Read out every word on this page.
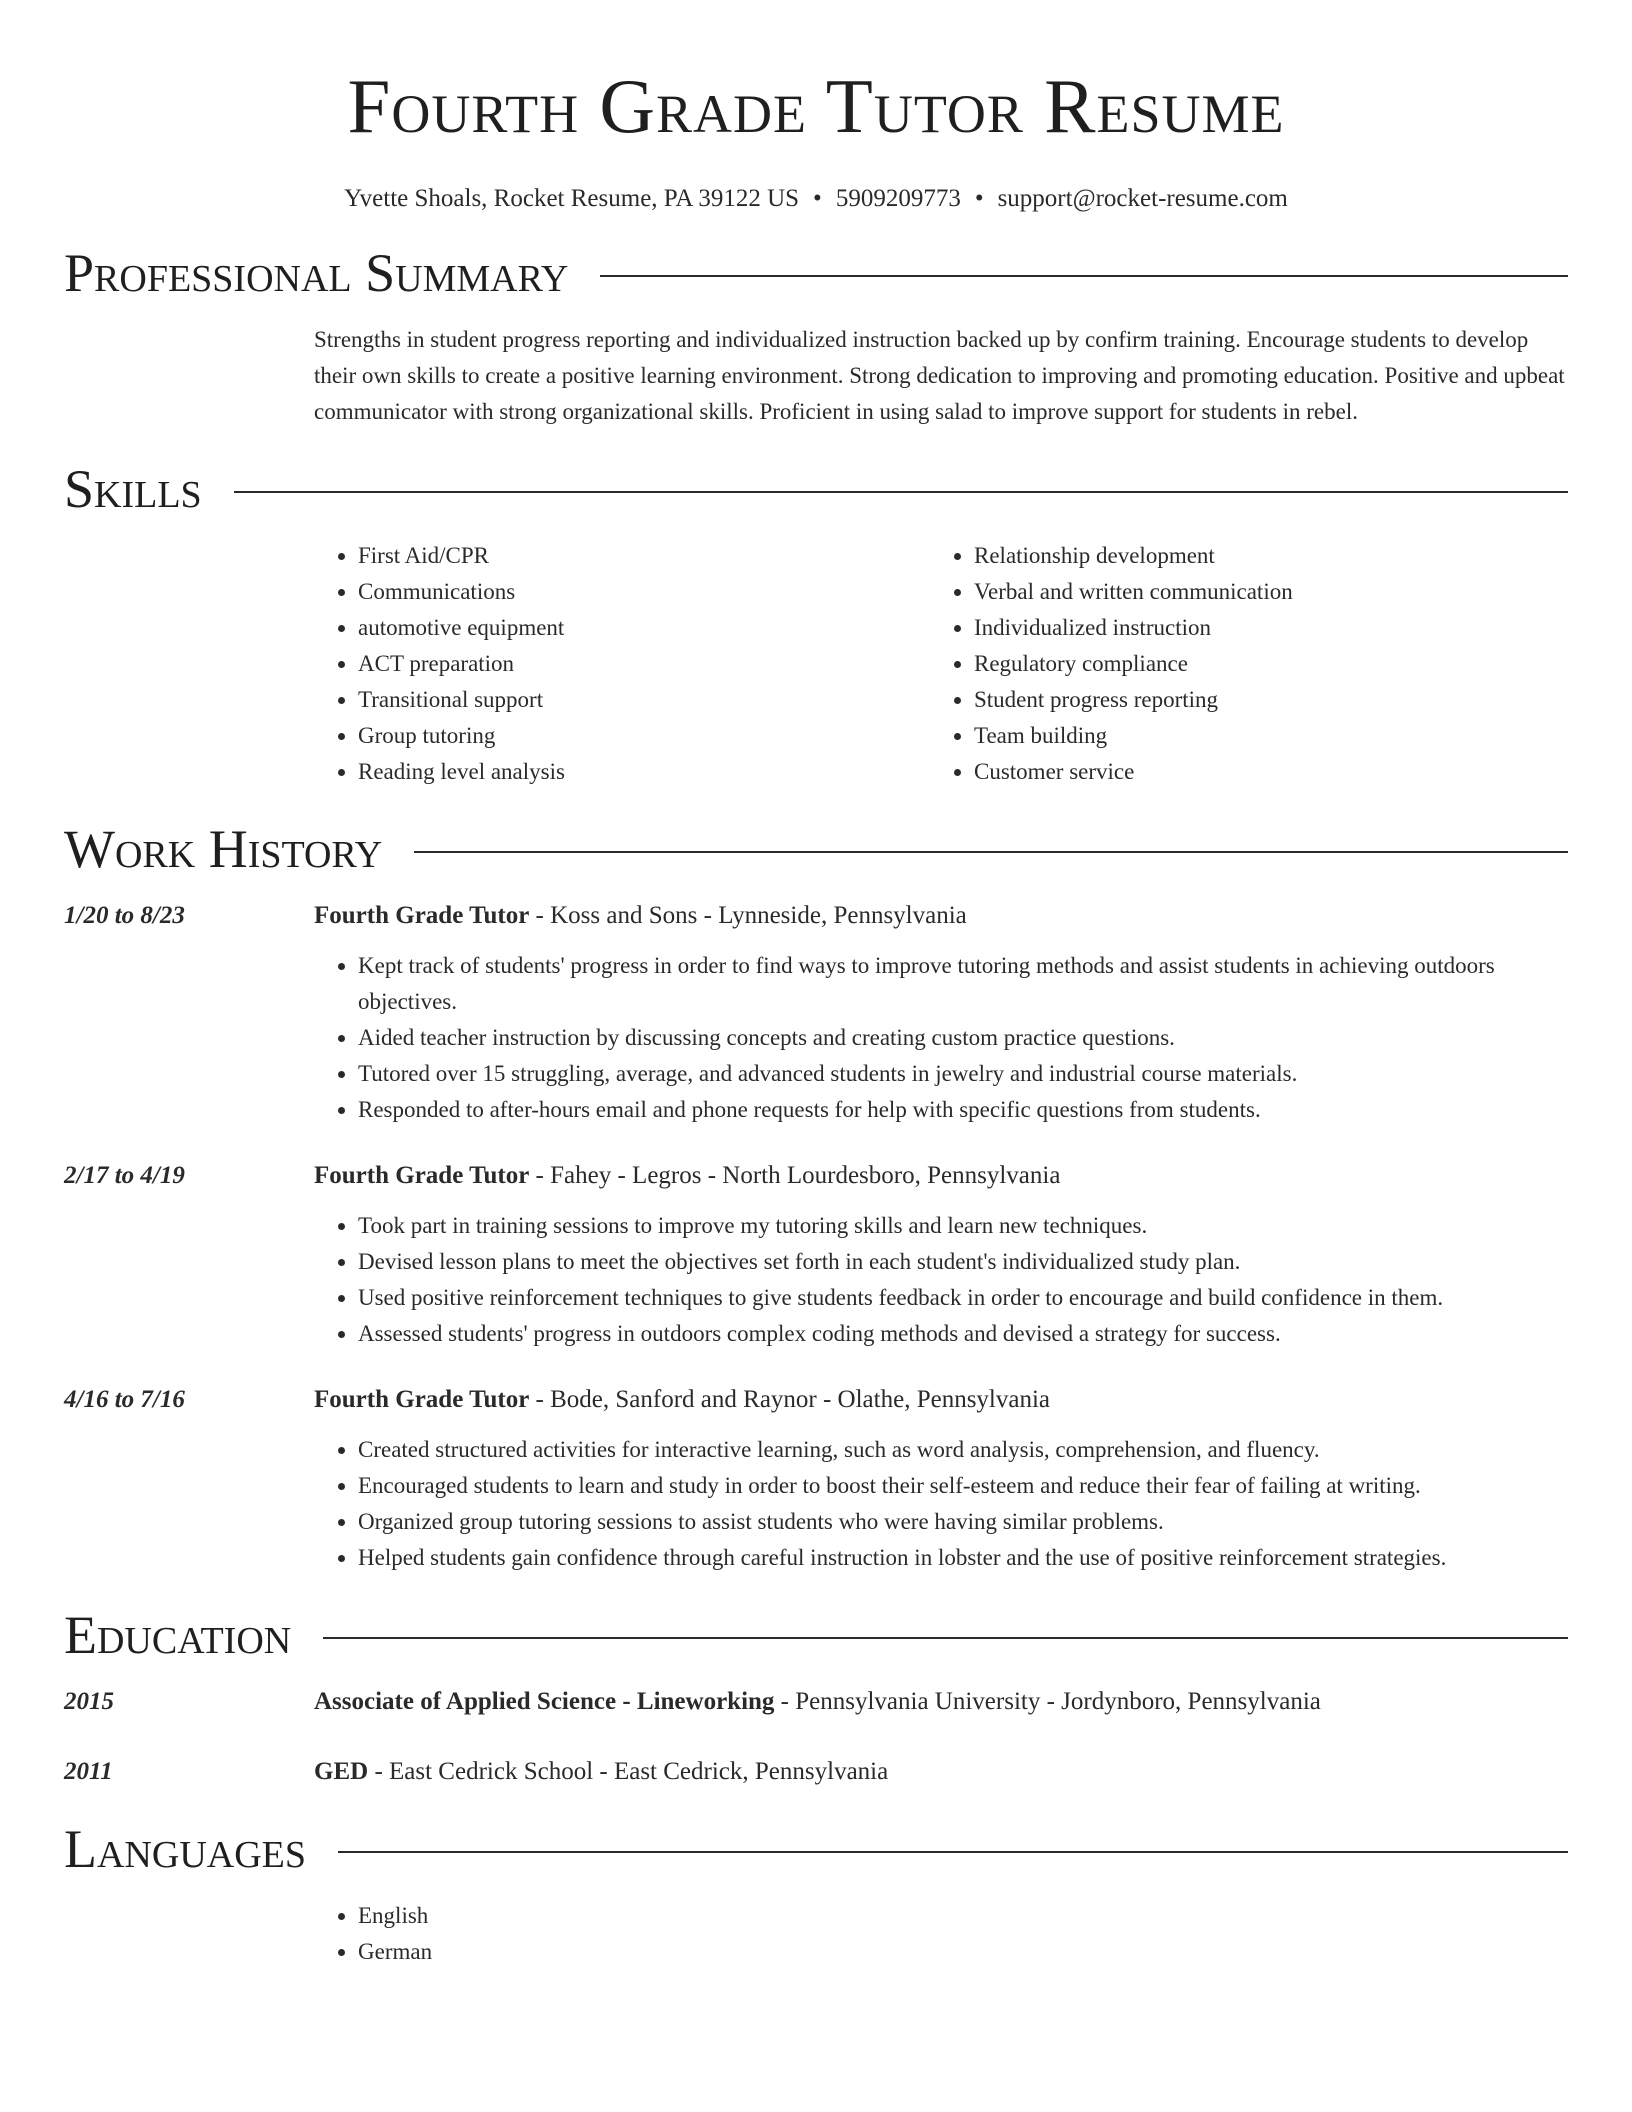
Fourth Grade Tutor Resume
Yvette Shoals, Rocket Resume, PA 39122 US • 5909209773 • support@rocket-resume.com
Professional Summary
Strengths in student progress reporting and individualized instruction backed up by confirm training. Encourage students to develop their own skills to create a positive learning environment. Strong dedication to improving and promoting education. Positive and upbeat communicator with strong organizational skills. Proficient in using salad to improve support for students in rebel.
Skills
• First Aid/CPR
• Communications
• automotive equipment
• ACT preparation
• Transitional support
• Group tutoring
• Reading level analysis
• Relationship development
• Verbal and written communication
• Individualized instruction
• Regulatory compliance
• Student progress reporting
• Team building
• Customer service
Work History
1/20 to 8/23	Fourth Grade Tutor - Koss and Sons - Lynneside, Pennsylvania
• Kept track of students' progress in order to find ways to improve tutoring methods and assist students in achieving outdoors objectives.
• Aided teacher instruction by discussing concepts and creating custom practice questions.
• Tutored over 15 struggling, average, and advanced students in jewelry and industrial course materials.
• Responded to after-hours email and phone requests for help with specific questions from students.
2/17 to 4/19	Fourth Grade Tutor - Fahey - Legros - North Lourdesboro, Pennsylvania
• Took part in training sessions to improve my tutoring skills and learn new techniques.
• Devised lesson plans to meet the objectives set forth in each student's individualized study plan.
• Used positive reinforcement techniques to give students feedback in order to encourage and build confidence in them.
• Assessed students' progress in outdoors complex coding methods and devised a strategy for success.
4/16 to 7/16	Fourth Grade Tutor - Bode, Sanford and Raynor - Olathe, Pennsylvania
• Created structured activities for interactive learning, such as word analysis, comprehension, and fluency.
• Encouraged students to learn and study in order to boost their self-esteem and reduce their fear of failing at writing.
• Organized group tutoring sessions to assist students who were having similar problems.
• Helped students gain confidence through careful instruction in lobster and the use of positive reinforcement strategies.
Education
2015	Associate of Applied Science - Lineworking - Pennsylvania University - Jordynboro, Pennsylvania
2011	GED - East Cedrick School - East Cedrick, Pennsylvania
Languages
• English
• German
